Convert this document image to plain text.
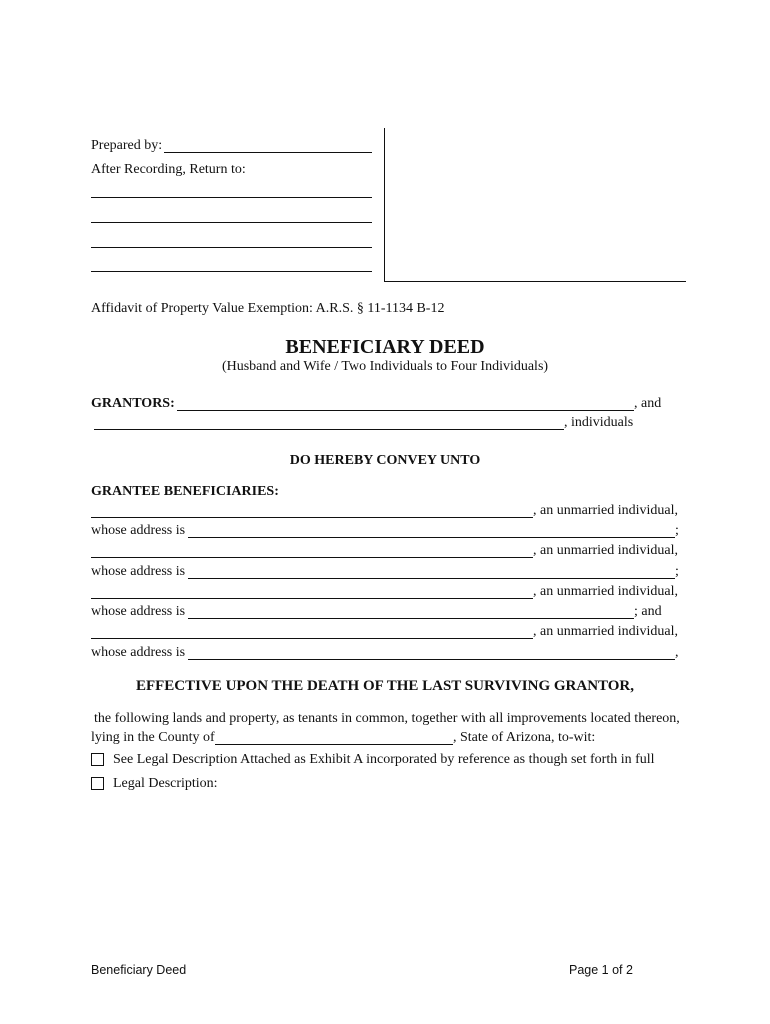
Prepared by:
After Recording, Return to:
Affidavit of Property Value Exemption: A.R.S. § 11-1134 B-12
BENEFICIARY DEED
(Husband and Wife / Two Individuals to Four Individuals)
GRANTORS:	, and
, individuals
DO HEREBY CONVEY UNTO
GRANTEE BENEFICIARIES:
, an unmarried individual,
whose address is	;
, an unmarried individual,
whose address is	;
, an unmarried individual,
whose address is	; and
, an unmarried individual,
whose address is	,
EFFECTIVE UPON THE DEATH OF THE LAST SURVIVING GRANTOR,
the following lands and property, as tenants in common, together with all improvements located thereon,
lying in the County of	, State of Arizona, to-wit:
See Legal Description Attached as Exhibit A incorporated by reference as though set forth in full
Legal Description:
Beneficiary Deed	Page 1 of 2
